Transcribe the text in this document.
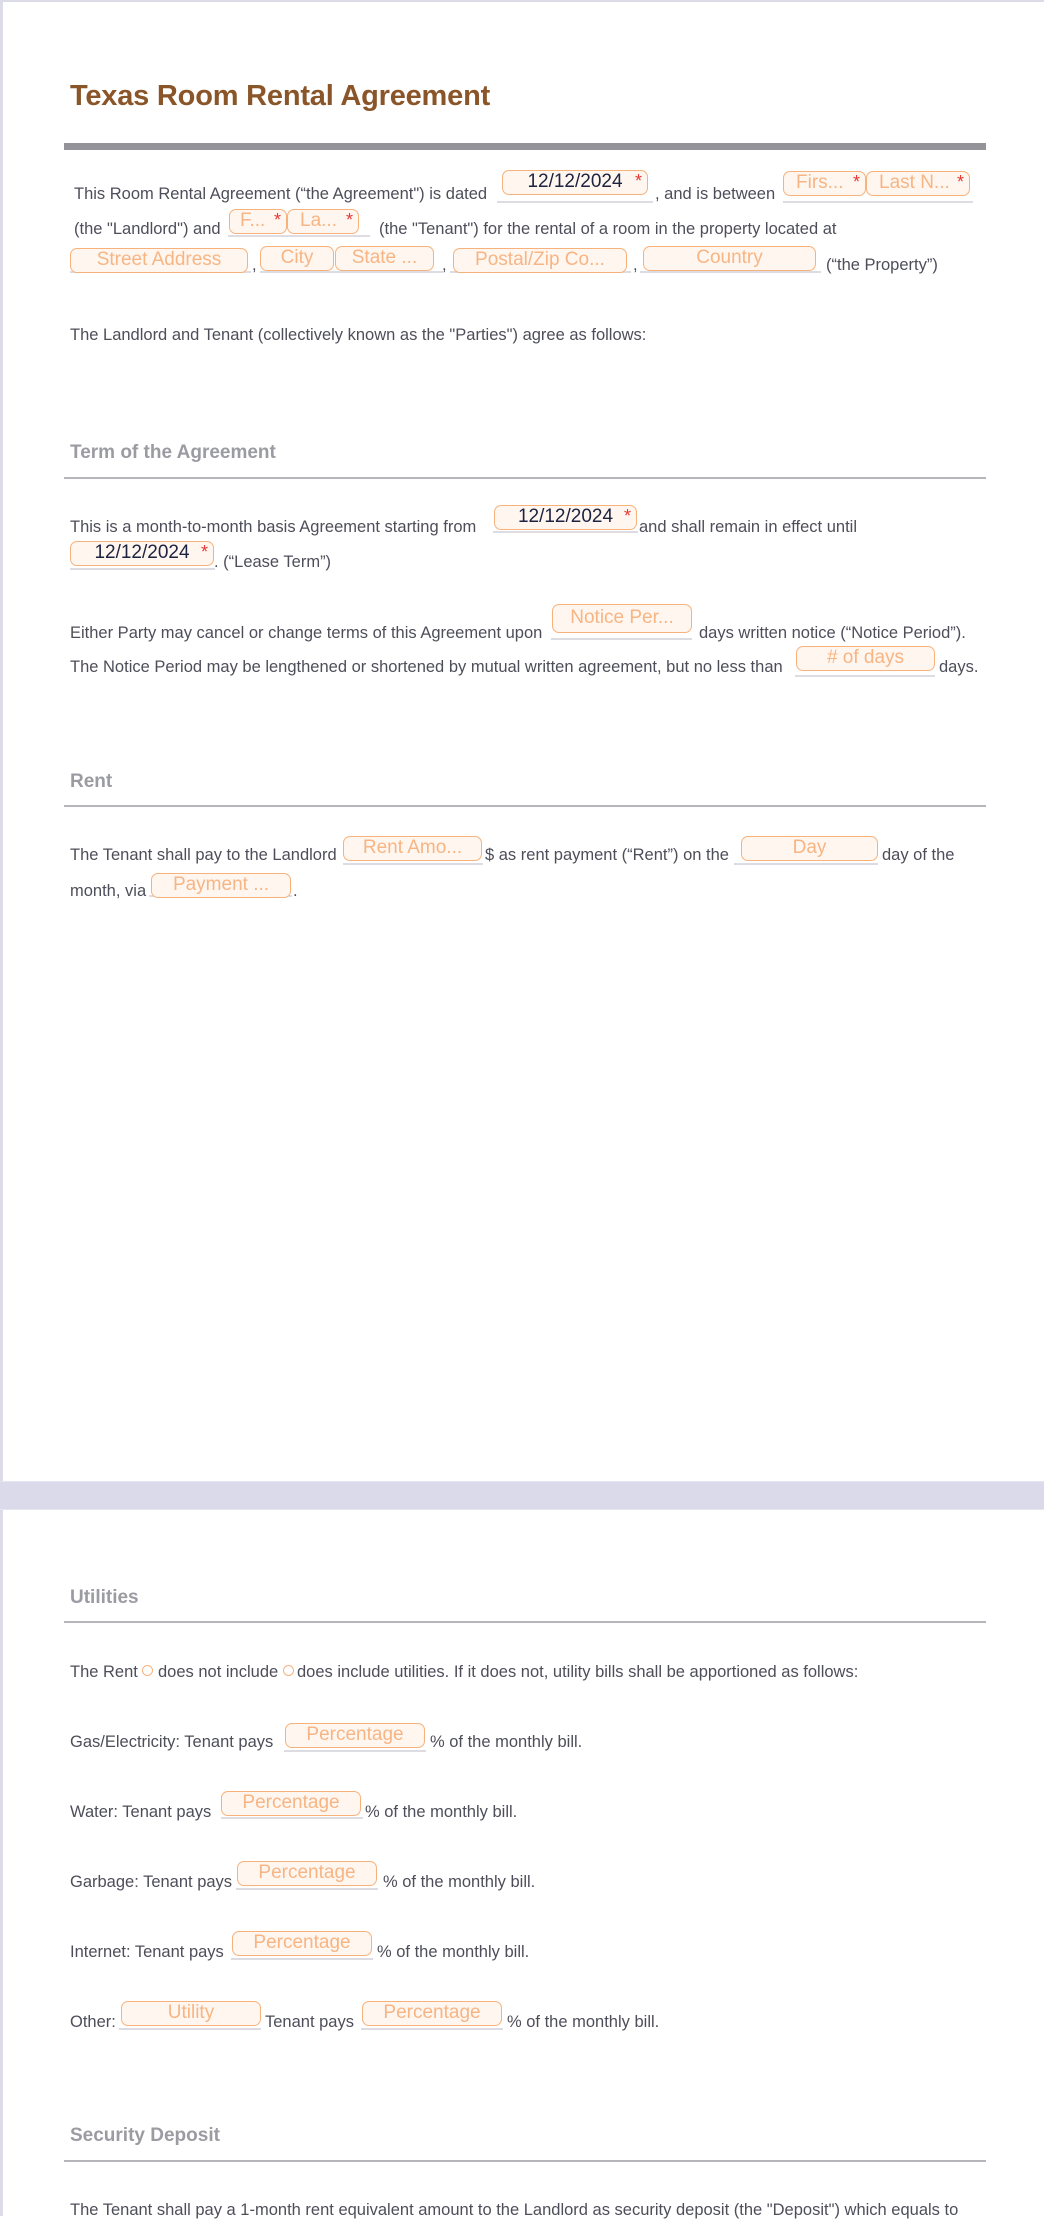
Texas Room Rental Agreement
This Room Rental Agreement (“the Agreement") is dated
12/12/2024 *
, and is between
Firs... *	Last N... *
(the "Landlord") and	F... *	La... * (the "Tenant") for the rental of a room in the property located at
Street Address	,	City	State ...	,	Postal/Zip Co...	,	Country	(“the Property”)
The Landlord and Tenant (collectively known as the "Parties") agree as follows:
Term of the Agreement
This is a month-to-month basis Agreement starting from	12/12/2024 *
and shall remain in effect until
12/12/2024 * . (“Lease Term”)
Either Party may cancel or change terms of this Agreement upon
Notice Per...
days written notice (“Notice Period”).
The Notice Period may be lengthened or shortened by mutual written agreement, but no less than	# of days	days.
Rent
The Tenant shall pay to the Landlord	Rent Amo...	$ as rent payment (“Rent”) on the	Day	day of the
month, via	Payment ...	.
Utilities
The Rent does not include does include utilities. If it does not, utility bills shall be apportioned as follows:
Gas/Electricity: Tenant pays	Percentage	% of the monthly bill.
Water: Tenant pays	Percentage	% of the monthly bill.
Garbage: Tenant pays	Percentage	% of the monthly bill.
Internet: Tenant pays	Percentage	% of the monthly bill.
Other:	Utility	Tenant pays	Percentage	% of the monthly bill.
Security Deposit
The Tenant shall pay a 1-month rent equivalent amount to the Landlord as security deposit (the "Deposit") which equals to
